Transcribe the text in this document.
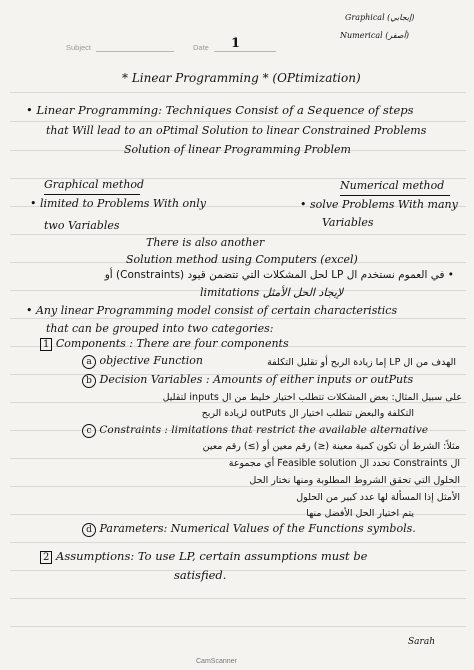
Subject	Date 1
Graphical (إيجابي)
Numerical (أصفر)
* Linear Programming * (OPtimization)
• Linear Programming: Techniques Consist of a Sequence of steps
that Will lead to an oPtimal Solution to linear Constrained Problems
Solution of linear Programming Problem
Graphical method
• limited to Problems With only
two Variables
Numerical method
• solve Problems With many
Variables
There is also another
Solution method using Computers (excel)
• في العموم نستخدم ال LP لحل المشكلات التي تتضمن قيود (Constraints) أو
limitations لإيجاد الحل الأمثل
• Any linear Programming model consist of certain characteristics
that can be grouped into two categories:
1 Components : There are four components
a objective Function	الهدف من ال LP إما زيادة الربح أو تقليل التكلفة
b Decision Variables : Amounts of either inputs or outPuts
على سبيل المثال: بعض المشكلات تتطلب اختيار خليط من ال inputs لتقليل
التكلفة والبعض تتطلب اختيار ال outPuts لزيادة الربح
c Constraints : limitations that restrict the available alternative
مثلاً: الشرط أن تكون كمية معينة (≤) رقم معين أو (≥) رقم معين
ال Constraints تحدد ال Feasible solution أي مجموعة
الحلول التي تحقق الشروط المطلوبة ومنها نختار الحل
الأمثل إذا المسألة لها عدد كبير من الحلول
يتم اختيار الحل الأفضل منها
d Parameters: Numerical Values of the Functions symbols.
2 Assumptions: To use LP, certain assumptions must be
satisfied.
Sarah
CamScanner
